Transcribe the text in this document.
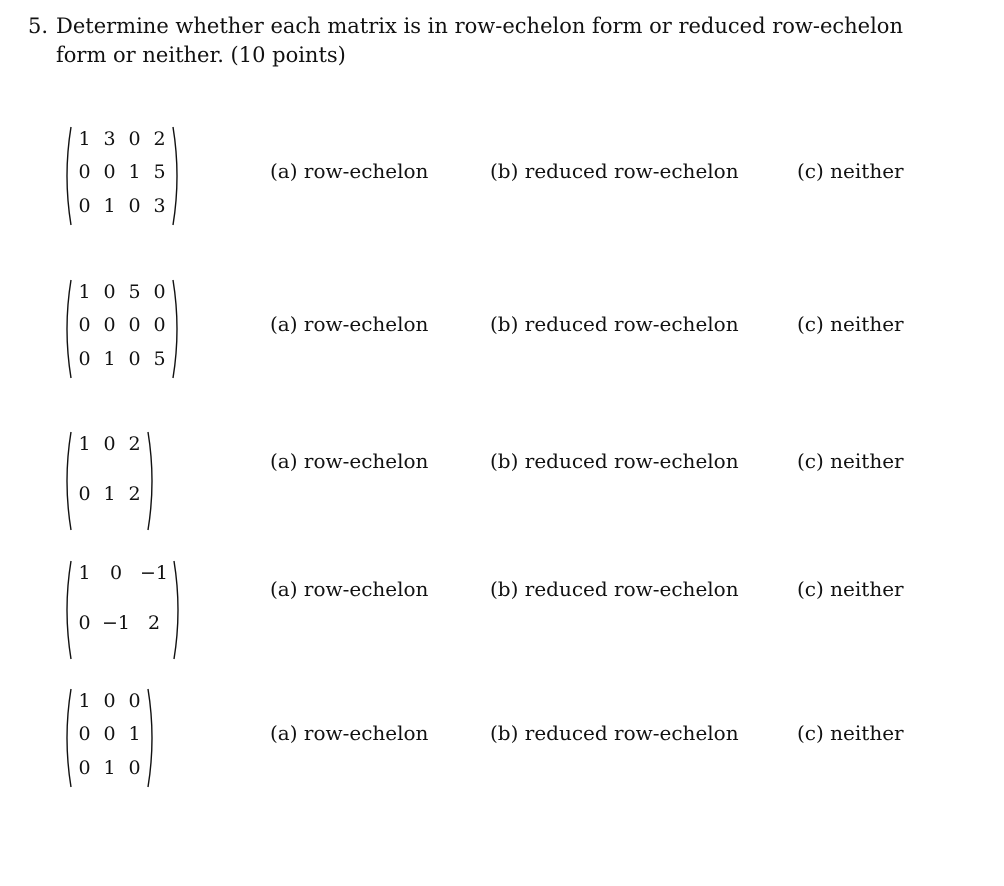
5. Determine whether each matrix is in row-echelon form or reduced row-echelon form or neither. (10 points)
1 3 0 2
0 0 1 5
0 1 0 3
(a) row-echelon	(b) reduced row-echelon	(c) neither
1 0 5 0
0 0 0 0
0 1 0 5
(a) row-echelon	(b) reduced row-echelon	(c) neither
1 0 2
0 1 2
(a) row-echelon	(b) reduced row-echelon	(c) neither
1	0 −1
0 −1 2
(a) row-echelon	(b) reduced row-echelon	(c) neither
1 0 0
0 0 1
0 1 0
(a) row-echelon	(b) reduced row-echelon	(c) neither
